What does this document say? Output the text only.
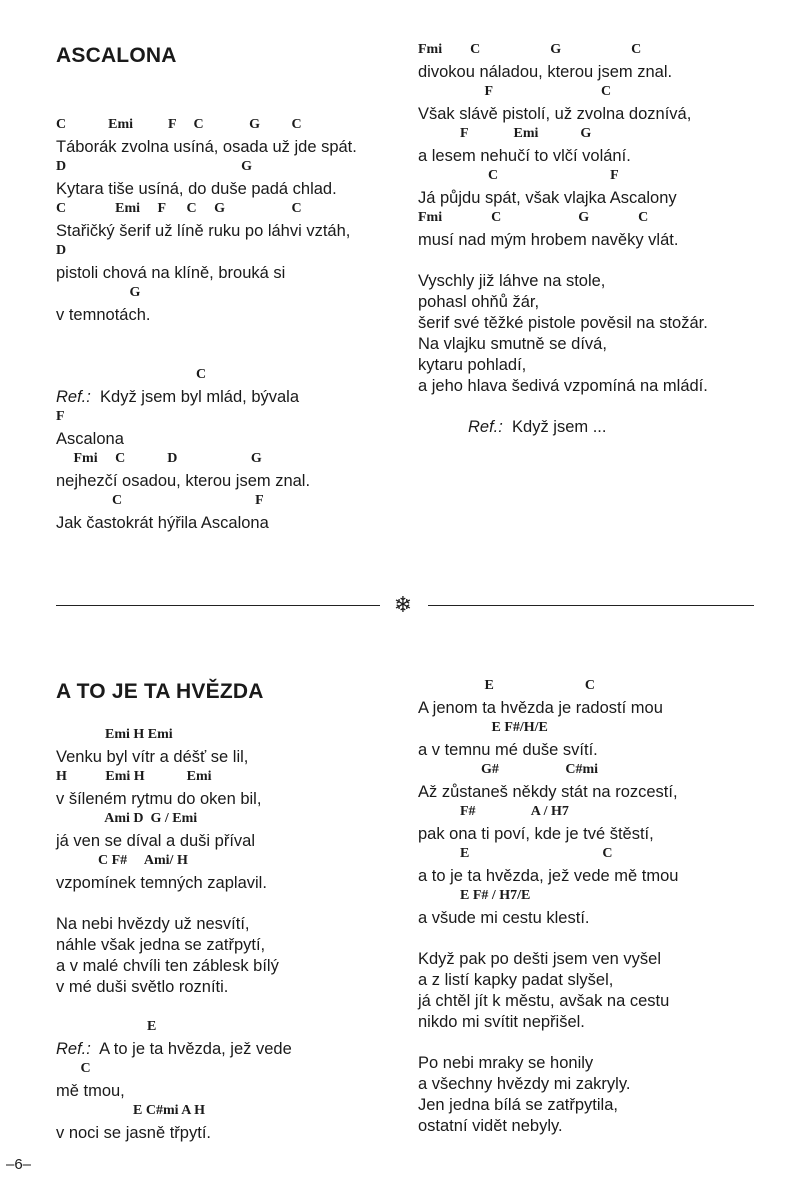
ASCALONA
C            Emi          F     C             G         C
Táborák zvolna usíná, osada už jde spát.
D                                                  G
Kytara tiše usíná, do duše padá chlad.
C              Emi     F      C     G                   C
Stařičký šerif už líně ruku po láhvi vztáh,
D
pistoli chová na klíně, brouká si
G
v temnotách.
C
Ref.: Když jsem byl mlád, bývala
F
Ascalona
Fmi     C            D                     G
nejhezčí osadou, kterou jsem znal.
C                                      F
Jak častokrát hýřila Ascalona
Fmi        C                    G                    C
divokou náladou, kterou jsem znal.
F                               C
Však slávě pistolí, už zvolna doznívá,
F             Emi            G
a lesem nehučí to vlčí volání.
C                                F
Já půjdu spát, však vlajka Ascalony
Fmi              C                      G              C
musí nad mým hrobem navěky vlát.
Vyschly již láhve na stole,
pohasl ohňů žár,
šerif své těžké pistole pověsil na stožár.
Na vlajku smutně se dívá,
kytaru pohladí,
a jeho hlava šedivá vzpomíná na mládí.
Ref.: Když jsem ...
❄
A TO JE TA HVĚZDA
Emi H Emi
Venku byl vítr a déšť se lil,
H           Emi H            Emi
v šíleném rytmu do oken bil,
Ami D  G / Emi
já ven se díval a duši příval
C F#     Ami/ H
vzpomínek temných zaplavil.
Na nebi hvězdy už nesvítí,
náhle však jedna se zatřpytí,
a v malé chvíli ten záblesk bílý
v mé duši světlo rozníti.
E
Ref.: A to je ta hvězda, jež vede
C
mě tmou,
E C#mi A H
v noci se jasně třpytí.
E                          C
A jenom ta hvězda je radostí mou
E F#/H/E
a v temnu mé duše svítí.
G#                   C#mi
Až zůstaneš někdy stát na rozcestí,
F#                A / H7
pak ona ti poví, kde je tvé štěstí,
E                                      C
a to je ta hvězda, jež vede mě tmou
E F# / H7/E
a všude mi cestu klestí.
Když pak po dešti jsem ven vyšel
a z listí kapky padat slyšel,
já chtěl jít k městu, avšak na cestu
nikdo mi svítit nepřišel.
Po nebi mraky se honily
a všechny hvězdy mi zakryly.
Jen jedna bílá se zatřpytila,
ostatní vidět nebyly.
–6–
